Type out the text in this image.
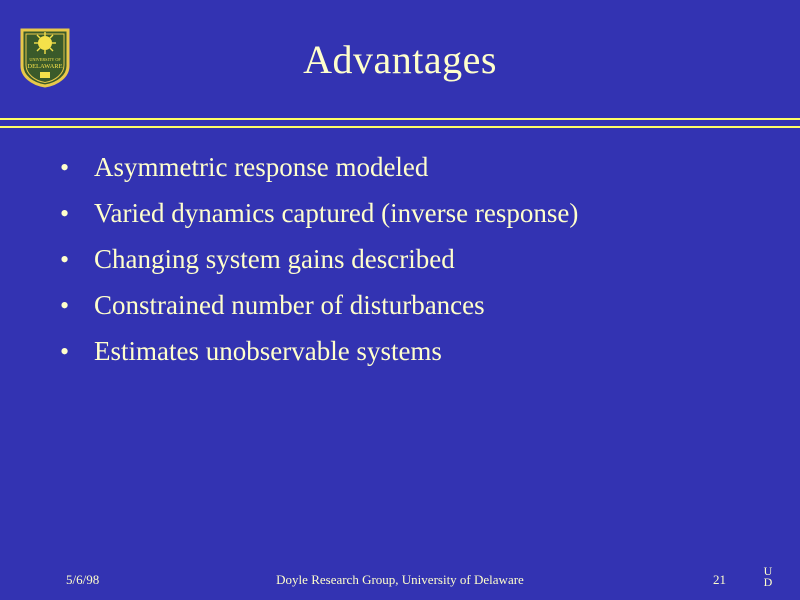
UNIVERSITY OF
DELAWARE	Advantages
• Asymmetric response modeled
• Varied dynamics captured (inverse response)
• Changing system gains described
• Constrained number of disturbances
• Estimates unobservable systems
5/6/98	Doyle Research Group, University of Delaware	21
U
D
